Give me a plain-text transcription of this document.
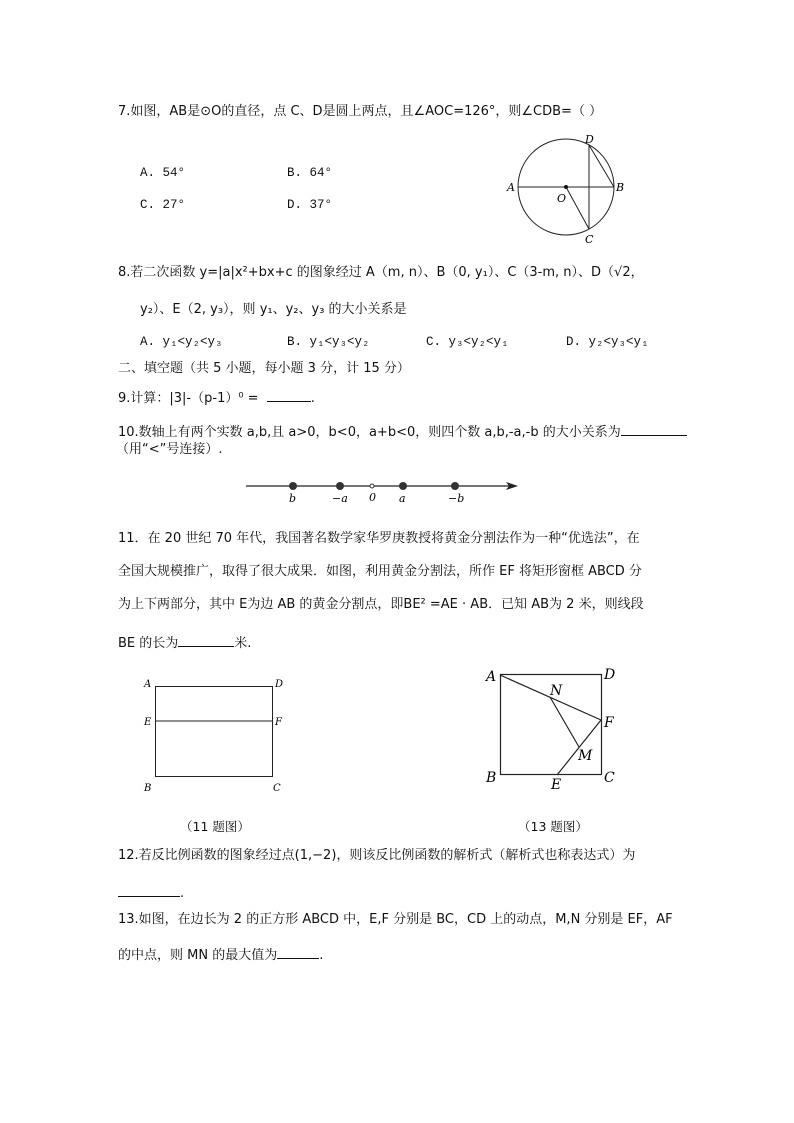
7.如图，AB是⊙O的直径，点 C、D是圆上两点，且∠AOC=126°，则∠CDB=（ ）
A. 54°	B. 64°
C. 27°	D. 37°
A	B
C
D
O
8.若二次函数 y=|a|x²+bx+c 的图象经过 A（m, n）、B（0, y₁）、C（3-m, n）、D（√2，
y₂）、E（2, y₃），则 y₁、y₂、y₃ 的大小关系是
A. y₁<y₂<y₃	B. y₁<y₃<y₂	C. y₃<y₂<y₁	D. y₂<y₃<y₁
二、填空题（共 5 小题，每小题 3 分，计 15 分）
9.计算：|3|-（p-1）⁰ =	.
10.数轴上有两个实数 a,b,且 a>0，b<0，a+b<0，则四个数 a,b,-a,-b 的大小关系为
（用“<”号连接）.
b	−a 0 a	−b
11．在 20 世纪 70 年代，我国著名数学家华罗庚教授将黄金分割法作为一种“优选法”，在
全国大规模推广，取得了很大成果．如图，利用黄金分割法，所作 EF 将矩形窗框 ABCD 分
为上下两部分，其中 E为边 AB 的黄金分割点，即BE² =AE · AB．已知 AB为 2 米，则线段
BE 的长为	米.
A	D
E	F
B	C
（11 题图）
A	D
N
F
M
B	E	C
（13 题图）
12.若反比例函数的图象经过点(1,−2)，则该反比例函数的解析式（解析式也称表达式）为
.
13.如图，在边长为 2 的正方形 ABCD 中，E,F 分别是 BC，CD 上的动点，M,N 分别是 EF，AF
的中点，则 MN 的最大值为	.
